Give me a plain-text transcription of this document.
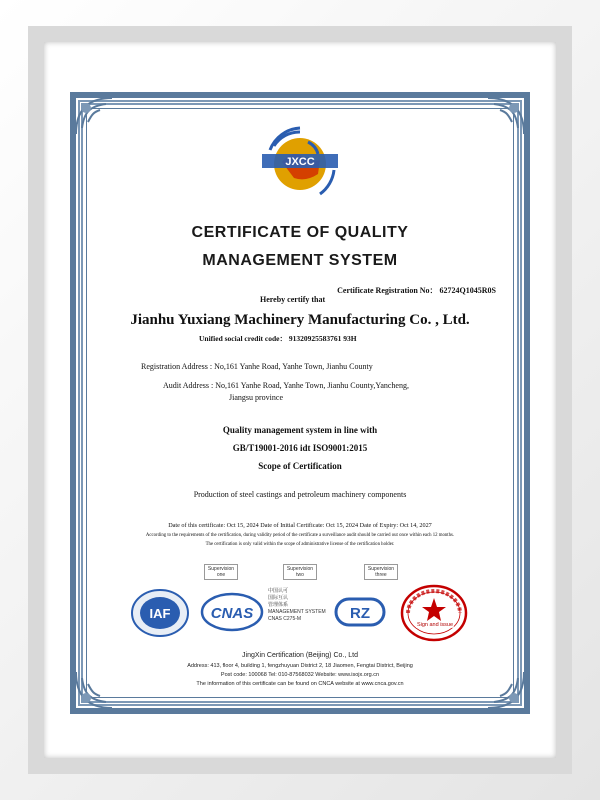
JXCC
CERTIFICATE OF QUALITY
MANAGEMENT SYSTEM
Certificate Registration No： 62724Q1045R0S
Hereby certify that
Jianhu Yuxiang Machinery Manufacturing Co. , Ltd.
Unified social credit code： 91320925583761 93H
Registration Address : No,161 Yanhe Road, Yanhe Town, Jianhu County
Audit Address : No,161 Yanhe Road, Yanhe Town, Jianhu County,Yancheng,
Jiangsu province
Quality management system in line with
GB/T19001-2016 idt ISO9001:2015
Scope of Certification
Production of steel castings and petroleum machinery components
Date of this certificate: Oct 15, 2024 Date of Initial Certificate: Oct 15, 2024 Date of Expiry: Oct 14, 2027
According to the requirements of the certification, during validity period of the certificate a surveillance audit should be carried out once within each 12 months.
The certification is only valid within the scope of administrative license of the certification holder.
Supervision
one
Supervision
two
Supervision
three
IAF	CNAS
中国认可
国际互认
管理体系
MANAGEMENT SYSTEM
CNAS C275-M	RZ
Sign and issue
JingXin Certification (Beijing) Co., Ltd
Address: 413, floor 4, building 1, fengzhuyuan District 2, 18 Jiaomen, Fengtai District, Beijing
Post code: 100068 Tel: 010-87568032 Website: www.isojx.org.cn
The information of this certificate can be found on CNCA website at www.cnca.gov.cn
